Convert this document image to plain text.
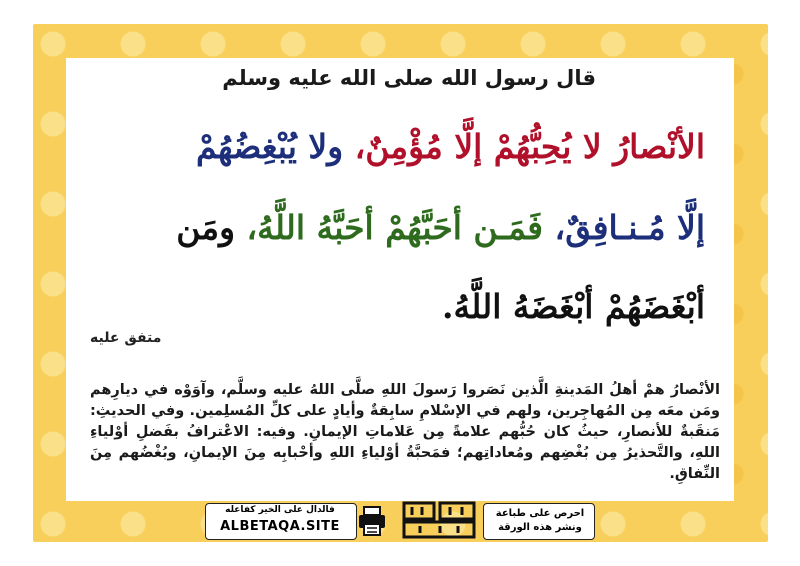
قال رسول الله صلى الله عليه وسلم
الأنْصارُ لا يُحِبُّهُمْ إلَّا مُؤْمِنٌ، ولا يُبْغِضُهُمْ
إلَّا مُـنـافِقٌ، فَمَـن أحَبَّهُمْ أحَبَّهُ اللَّهُ، ومَن
أبْغَضَهُمْ أبْغَضَهُ اللَّهُ.
متفق عليه
الأنْصارُ همْ أهلُ المَدينةِ الَّذين نَصَروا رَسولَ اللهِ صلَّى اللهُ عليه وسلَّم، وآوَوْه في ديارِهم ومَن معَه مِن المُهاجِرين، ولهم في الإسْلامِ سابِقةٌ وأيادٍ على كلِّ المُسلِمين. وفي الحديثِ: مَنقَبةٌ للأنصارِ، حيثُ كان حُبُّهم علامةً مِن عَلاماتِ الإيمانِ. وفيه: الاعْترافُ بفَضلِ أوْلياءِ اللهِ، والتَّحذيرُ مِن بُغْضِهم ومُعاداتِهم؛ فمَحبَّةُ أوْلياءِ اللهِ وأحْبابِه مِنَ الإيمانِ، وبُغْضُهم مِنَ النِّفاقِ.
فالدال على الخير كفاعله
ALBETAQA.SITE
احرص على طباعة
ونشر هذه الورقة
